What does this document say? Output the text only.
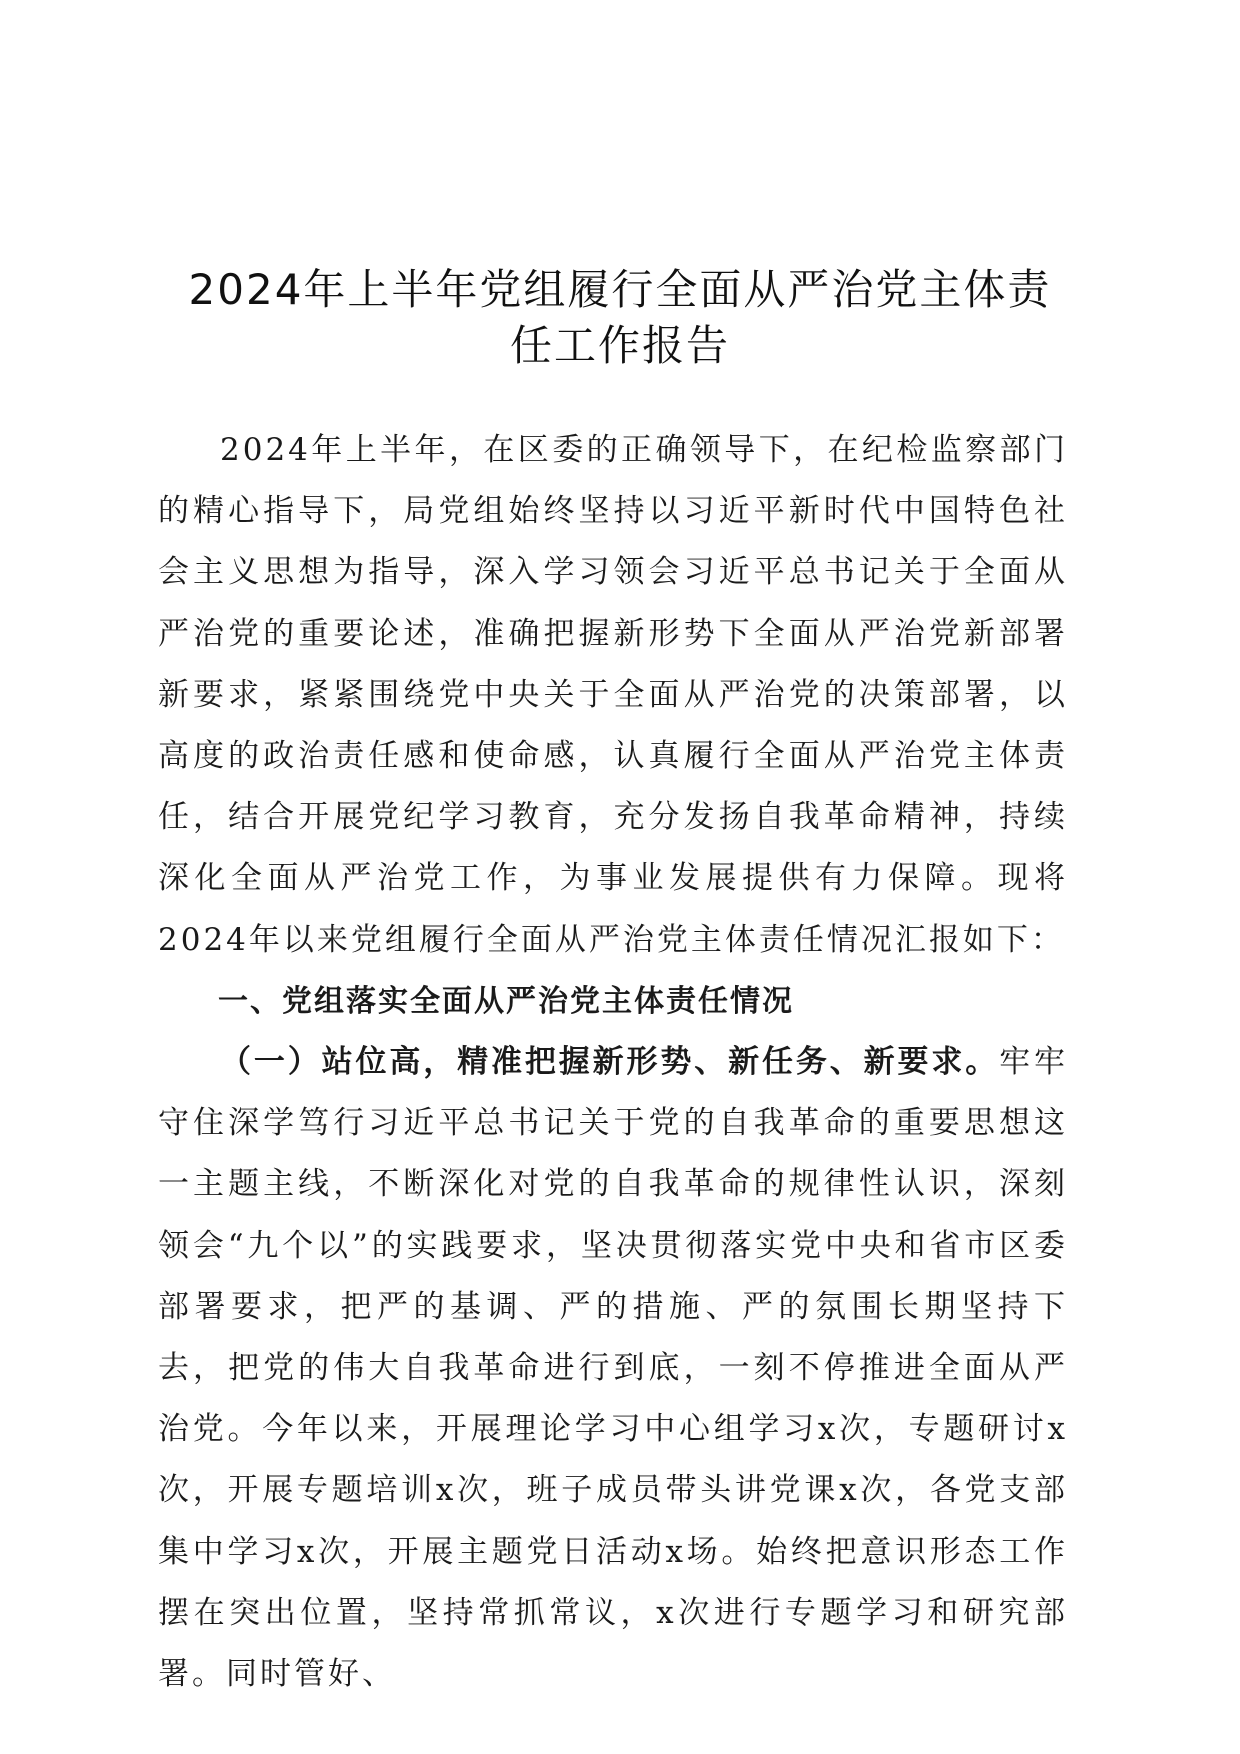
2024年上半年党组履行全面从严治党主体责
任工作报告

2024年上半年，在区委的正确领导下，在纪检监察部门的精心指导下，局党组始终坚持以习近平新时代中国特色社会主义思想为指导，深入学习领会习近平总书记关于全面从严治党的重要论述，准确把握新形势下全面从严治党新部署新要求，紧紧围绕党中央关于全面从严治党的决策部署，以高度的政治责任感和使命感，认真履行全面从严治党主体责任，结合开展党纪学习教育，充分发扬自我革命精神，持续深化全面从严治党工作，为事业发展提供有力保障。现将2024年以来党组履行全面从严治党主体责任情况汇报如下：

一、党组落实全面从严治党主体责任情况

（一）站位高，精准把握新形势、新任务、新要求。牢牢守住深学笃行习近平总书记关于党的自我革命的重要思想这一主题主线，不断深化对党的自我革命的规律性认识，深刻领会“九个以”的实践要求，坚决贯彻落实党中央和省市区委部署要求，把严的基调、严的措施、严的氛围长期坚持下去，把党的伟大自我革命进行到底，一刻不停推进全面从严治党。今年以来，开展理论学习中心组学习x次，专题研讨x次，开展专题培训x次，班子成员带头讲党课x次，各党支部集中学习x次，开展主题党日活动x场。始终把意识形态工作摆在突出位置，坚持常抓常议，x次进行专题学习和研究部署。同时管好、
